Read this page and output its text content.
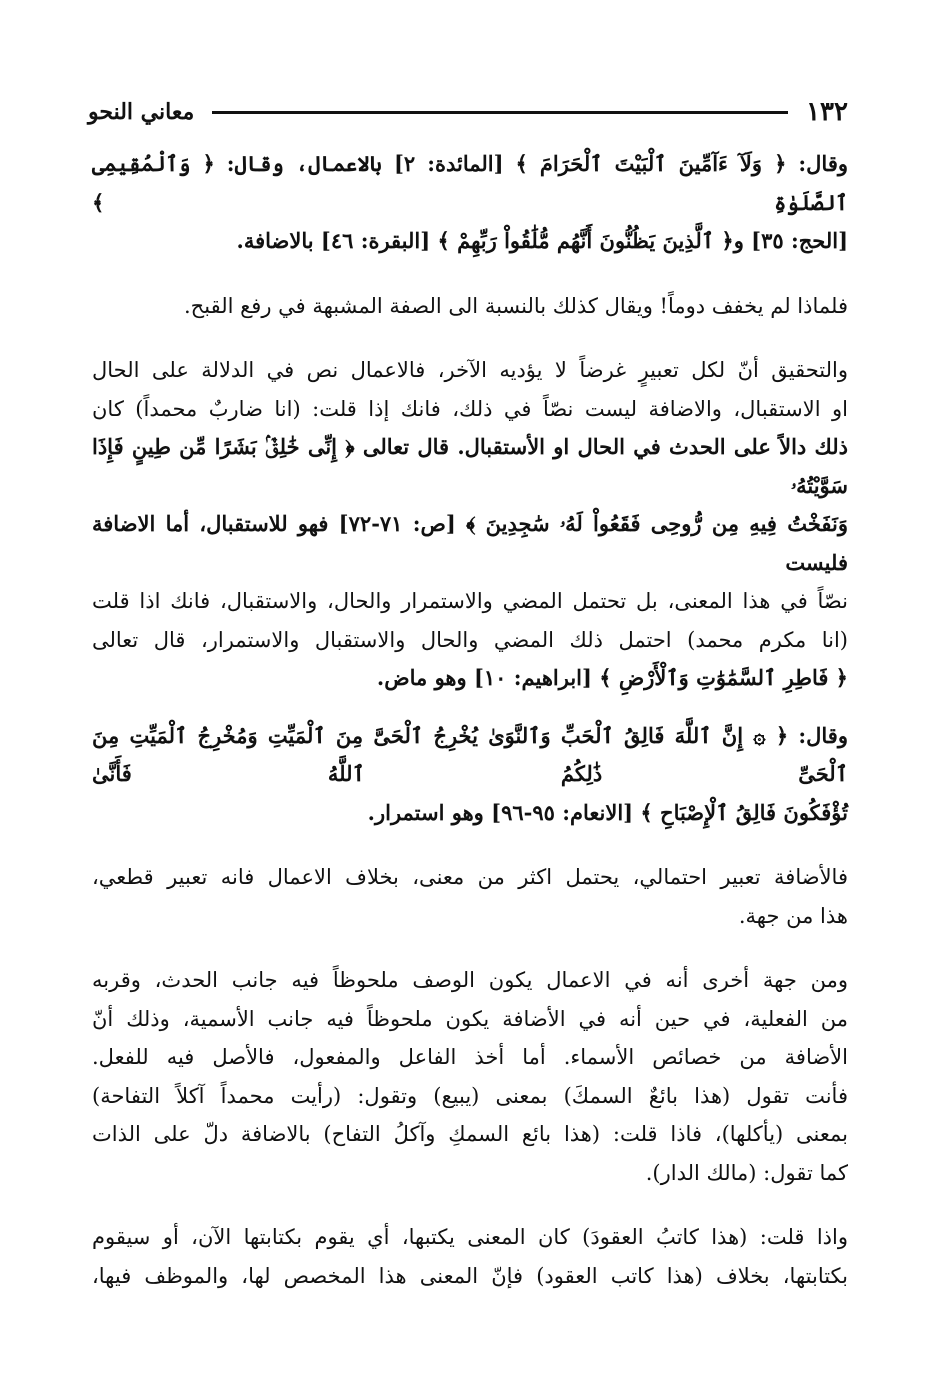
١٣٢
معاني النحو

وقال: ﴿ وَلَآ ءَآمِّينَ ٱلْبَيْتَ ٱلْحَرَامَ ﴾ [المائدة: ٢] بالاعمال، وقال: ﴿ وَٱلْمُقِيمِى ٱلصَّلَوٰةِ ﴾
[الحج: ٣٥] و﴿ ٱلَّذِينَ يَظُنُّونَ أَنَّهُم مُّلَٰقُواْ رَبِّهِمْ ﴾ [البقرة: ٤٦] بالاضافة.

فلماذا لم يخفف دوماً! ويقال كذلك بالنسبة الى الصفة المشبهة في رفع القبح.

والتحقيق أنّ لكل تعبيرٍ غرضاً لا يؤديه الآخر، فالاعمال نص في الدلالة على الحال
او الاستقبال، والاضافة ليست نصّاً في ذلك، فانك إذا قلت: (انا ضاربٌ محمداً) كان
ذلك دالاً على الحدث في الحال او الأستقبال. قال تعالى ﴿ إِنِّى خَٰلِقٌۢ بَشَرًا مِّن طِينٍ فَإِذَا سَوَّيْتُهُۥ
وَنَفَخْتُ فِيهِ مِن رُّوحِى فَقَعُواْ لَهُۥ سَٰجِدِينَ ﴾ [ص: ٧١-٧٢] فهو للاستقبال، أما الاضافة فليست
نصّاً في هذا المعنى، بل تحتمل المضي والاستمرار والحال، والاستقبال، فانك اذا قلت
(انا مكرم محمد) احتمل ذلك المضي والحال والاستقبال والاستمرار، قال تعالى
﴿ فَاطِرِ ٱلسَّمَٰوَٰتِ وَٱلْأَرْضِ ﴾ [ابراهيم: ١٠] وهو ماض.

وقال: ﴿ ۞ إِنَّ ٱللَّهَ فَالِقُ ٱلْحَبِّ وَٱلنَّوَىٰ يُخْرِجُ ٱلْحَىَّ مِنَ ٱلْمَيِّتِ وَمُخْرِجُ ٱلْمَيِّتِ مِنَ ٱلْحَىِّ ذَٰلِكُمُ ٱللَّهُ فَأَنَّىٰ
تُؤْفَكُونَ فَالِقُ ٱلْإِصْبَاحِ ﴾ [الانعام: ٩٥-٩٦] وهو استمرار.

فالأضافة تعبير احتمالي، يحتمل اكثر من معنى، بخلاف الاعمال فانه تعبير قطعي،
هذا من جهة.

ومن جهة أخرى أنه في الاعمال يكون الوصف ملحوظاً فيه جانب الحدث، وقربه
من الفعلية، في حين أنه في الأضافة يكون ملحوظاً فيه جانب الأسمية، وذلك أنّ
الأضافة من خصائص الأسماء. أما أخذ الفاعل والمفعول، فالأصل فيه للفعل.
فأنت تقول (هذا بائعٌ السمكَ) بمعنى (يبيع) وتقول: (رأيت محمداً آكلاً التفاحة)
بمعنى (يأكلها)، فاذا قلت: (هذا بائع السمكِ وآكلُ التفاح) بالاضافة دلّ على الذات
كما تقول: (مالك الدار).

واذا قلت: (هذا كاتبُ العقودَ) كان المعنى يكتبها، أي يقوم بكتابتها الآن، أو سيقوم
بكتابتها، بخلاف (هذا كاتب العقود) فإنّ المعنى هذا المخصص لها، والموظف فيها،
